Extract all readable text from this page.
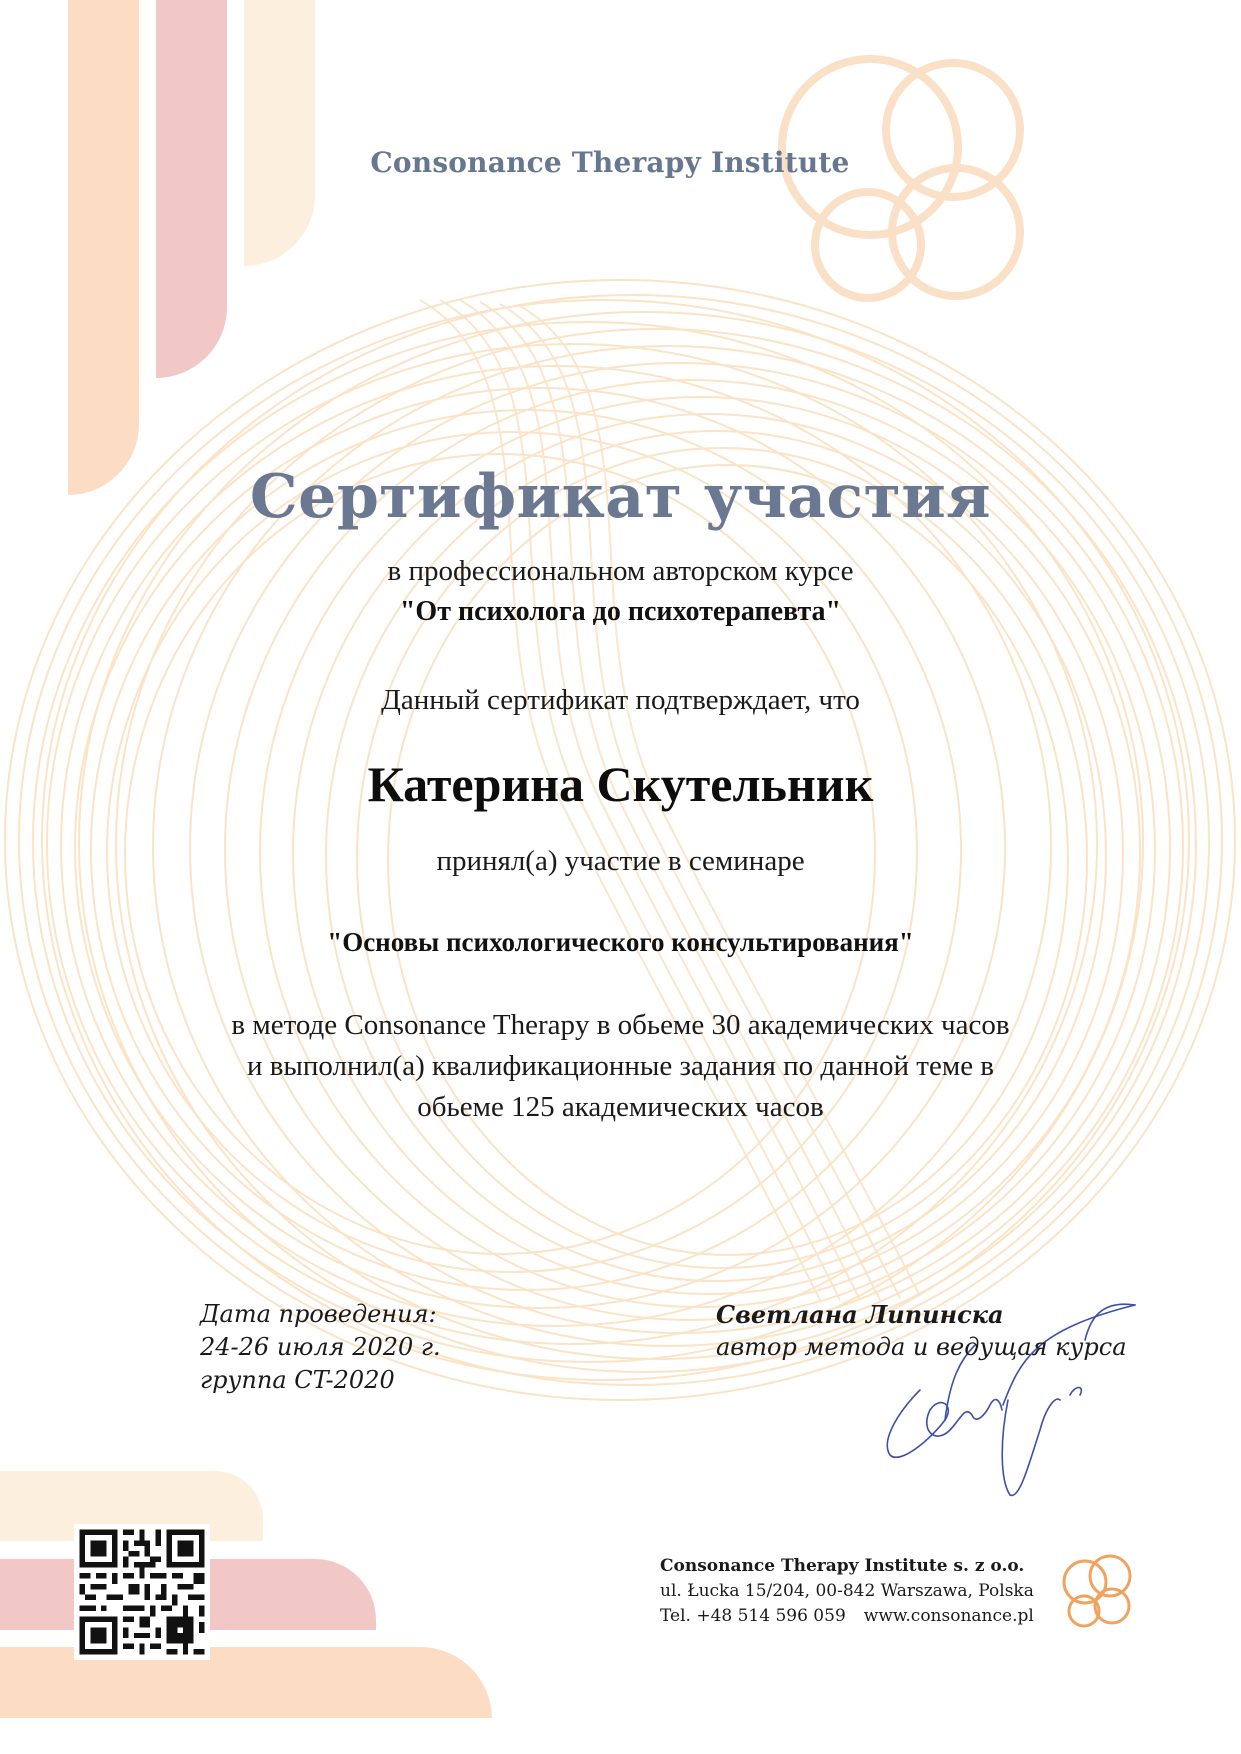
Consonance Therapy Institute
Сертификат участия
в профессиональном авторском курсе
"От психолога до психотерапевта"
Данный сертификат подтверждает, что
Катерина Скутельник
принял(а) участие в семинаре
"Основы психологического консультирования"
в методе Consonance Therapy в обьеме 30 академических часов
и выполнил(а) квалификационные задания по данной теме в
обьеме 125 академических часов
Дата проведения:
24-26 июля 2020 г.
группа CT-2020
Светлана Липинска
автор метода и ведущая курса
Consonance Therapy Institute s. z o.o.
ul. Łucka 15/204, 00-842 Warszawa, Polska
Tel. +48 514 596 059 www.consonance.pl
